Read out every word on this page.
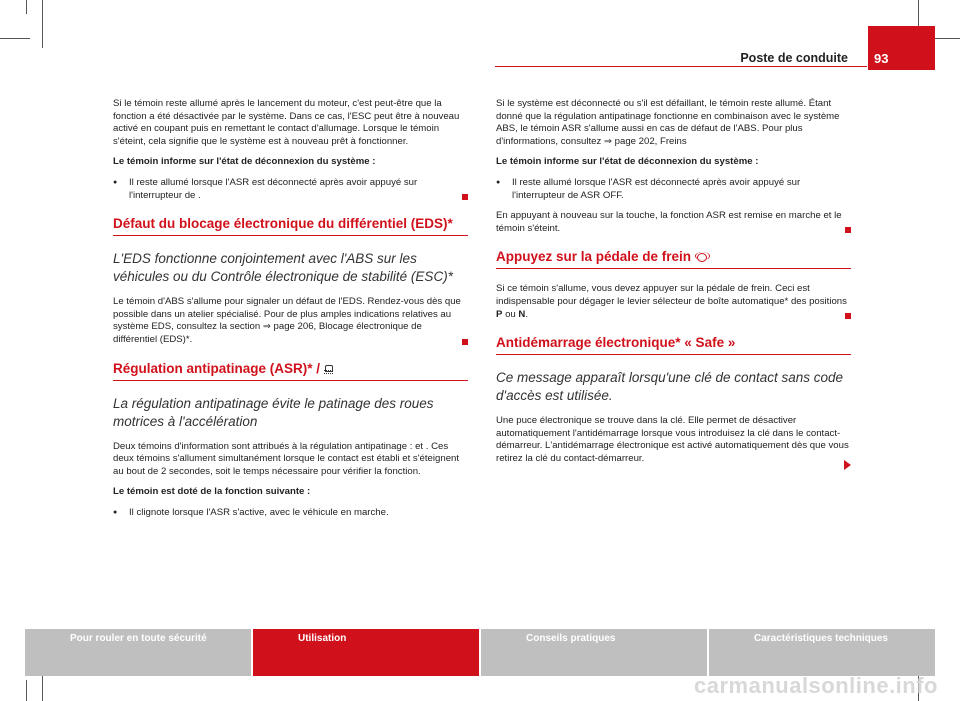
Poste de conduite	93

Si le témoin reste allumé après le lancement du moteur, c'est peut-être que la fonction a été désactivée par le système. Dans ce cas, l'ESC peut être à nouveau activé en coupant puis en remettant le contact d'allumage. Lorsque le témoin s'éteint, cela signifie que le système est à nouveau prêt à fonctionner.

Le témoin informe sur l'état de déconnexion du système :
● Il reste allumé lorsque l'ASR est déconnecté après avoir appuyé sur l'interrupteur de .
Défaut du blocage électronique du différentiel (EDS)*
L'EDS fonctionne conjointement avec l'ABS sur les véhicules ou du Contrôle électronique de stabilité (ESC)*

Le témoin d'ABS s'allume pour signaler un défaut de l'EDS. Rendez-vous dès que possible dans un atelier spécialisé. Pour de plus amples indications relatives au système EDS, consultez la section ⇒ page 206, Blocage électronique de différentiel (EDS)*.

Régulation antipatinage (ASR)* /
La régulation antipatinage évite le patinage des roues motrices à l'accélération

Deux témoins d'information sont attribués à la régulation antipatinage : et . Ces deux témoins s'allument simultanément lorsque le contact est établi et s'éteignent au bout de 2 secondes, soit le temps nécessaire pour vérifier la fonction.

Le témoin est doté de la fonction suivante :
● Il clignote lorsque l'ASR s'active, avec le véhicule en marche.

Si le système est déconnecté ou s'il est défaillant, le témoin reste allumé. Étant donné que la régulation antipatinage fonctionne en combinaison avec le système ABS, le témoin ASR s'allume aussi en cas de défaut de l'ABS. Pour plus d'informations, consultez ⇒ page 202, Freins

Le témoin informe sur l'état de déconnexion du système :
● Il reste allumé lorsque l'ASR est déconnecté après avoir appuyé sur l'interrupteur de ASR OFF.

En appuyant à nouveau sur la touche, la fonction ASR est remise en marche et le témoin s'éteint.

Appuyez sur la pédale de frein

Si ce témoin s'allume, vous devez appuyer sur la pédale de frein. Ceci est indispensable pour dégager le levier sélecteur de boîte automatique* des positions P ou N.

Antidémarrage électronique* « Safe »
Ce message apparaît lorsqu'une clé de contact sans code d'accès est utilisée.

Une puce électronique se trouve dans la clé. Elle permet de désactiver automatiquement l'antidémarrage lorsque vous introduisez la clé dans le contact-démarreur. L'antidémarrage électronique est activé automatiquement dès que vous retirez la clé du contact-démarreur.

Pour rouler en toute sécurité	Utilisation	Conseils pratiques	Caractéristiques techniques
carmanualsonline.info
